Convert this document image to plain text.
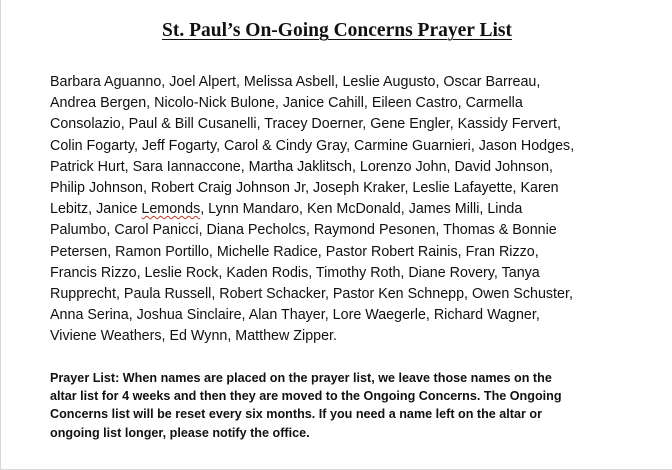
St. Paul’s On-Going Concerns Prayer List

Barbara Aguanno, Joel Alpert, Melissa Asbell, Leslie Augusto, Oscar Barreau,
Andrea Bergen, Nicolo-Nick Bulone, Janice Cahill, Eileen Castro, Carmella
Consolazio, Paul & Bill Cusanelli, Tracey Doerner, Gene Engler, Kassidy Fervert,
Colin Fogarty, Jeff Fogarty, Carol & Cindy Gray, Carmine Guarnieri, Jason Hodges,
Patrick Hurt, Sara Iannaccone, Martha Jaklitsch, Lorenzo John, David Johnson,
Philip Johnson, Robert Craig Johnson Jr, Joseph Kraker, Leslie Lafayette, Karen
Lebitz, Janice Lemonds, Lynn Mandaro, Ken McDonald, James Milli, Linda
Palumbo, Carol Panicci, Diana Pecholcs, Raymond Pesonen, Thomas & Bonnie
Petersen, Ramon Portillo, Michelle Radice, Pastor Robert Rainis, Fran Rizzo,
Francis Rizzo, Leslie Rock, Kaden Rodis, Timothy Roth, Diane Rovery, Tanya
Rupprecht, Paula Russell, Robert Schacker, Pastor Ken Schnepp, Owen Schuster,
Anna Serina, Joshua Sinclaire, Alan Thayer, Lore Waegerle, Richard Wagner,
Viviene Weathers, Ed Wynn, Matthew Zipper.

Prayer List: When names are placed on the prayer list, we leave those names on the
altar list for 4 weeks and then they are moved to the Ongoing Concerns. The Ongoing
Concerns list will be reset every six months. If you need a name left on the altar or
ongoing list longer, please notify the office.
